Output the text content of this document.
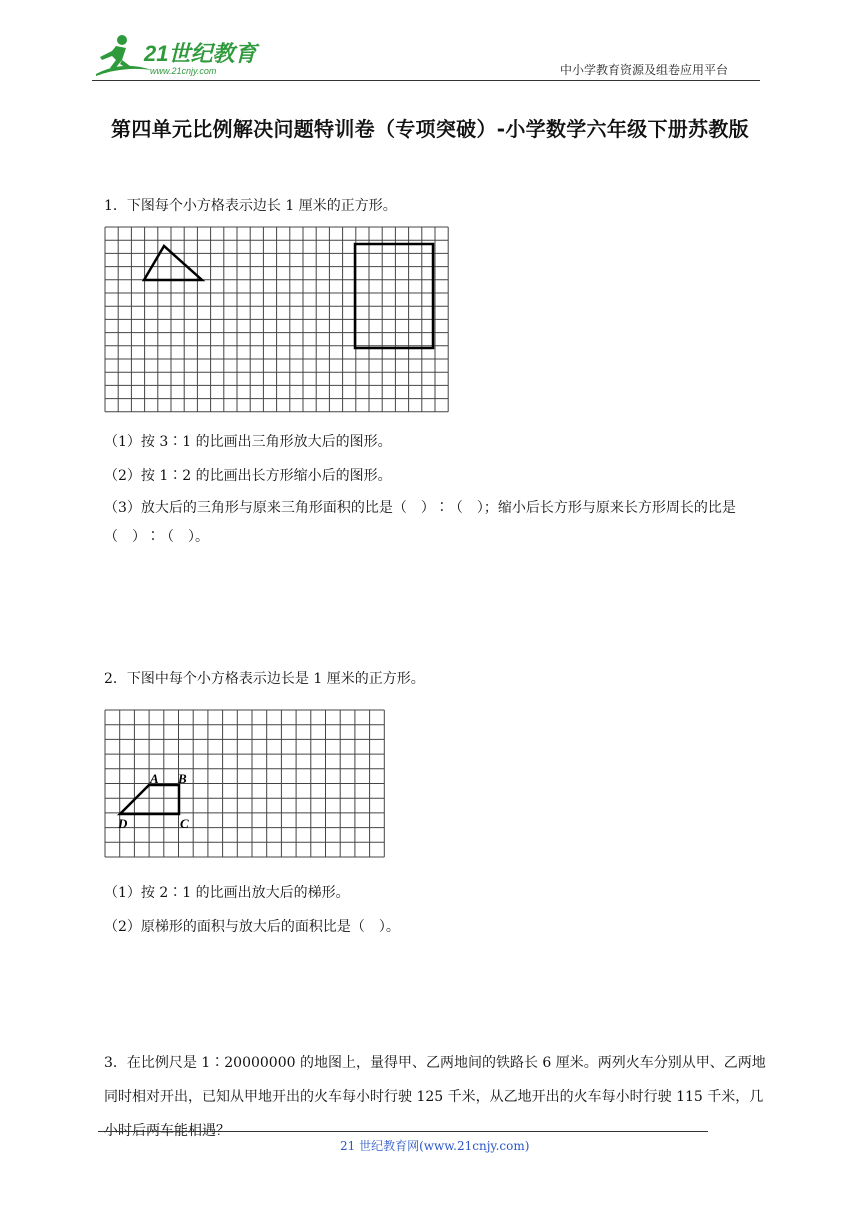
21世纪教育
www.21cnjy.com	中小学教育资源及组卷应用平台
第四单元比例解决问题特训卷（专项突破）-小学数学六年级下册苏教版
1．下图每个小方格表示边长 1 厘米的正方形。
（1）按 3∶1 的比画出三角形放大后的图形。
（2）按 1∶2 的比画出长方形缩小后的图形。
（3）放大后的三角形与原来三角形面积的比是（　）∶（　）；缩小后长方形与原来长方形周长的比是（　）∶（　）。
2．下图中每个小方格表示边长是 1 厘米的正方形。
A B
C
D
（1）按 2∶1 的比画出放大后的梯形。
（2）原梯形的面积与放大后的面积比是（　）。
3．在比例尺是 1∶20000000 的地图上，量得甲、乙两地间的铁路长 6 厘米。两列火车分别从甲、乙两地同时相对开出，已知从甲地开出的火车每小时行驶 125 千米，从乙地开出的火车每小时行驶 115 千米，几小时后两车能相遇？
21 世纪教育网(www.21cnjy.com)
